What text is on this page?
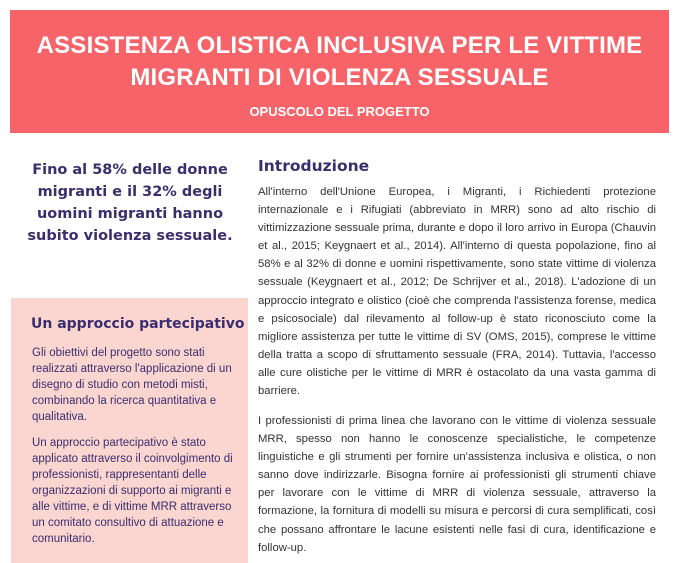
ASSISTENZA OLISTICA INCLUSIVA PER LE VITTIME MIGRANTI DI VIOLENZA SESSUALE
OPUSCOLO DEL PROGETTO
Fino al 58% delle donne migranti e il 32% degli uomini migranti hanno subito violenza sessuale.
Un approccio partecipativo
Gli obiettivi del progetto sono stati realizzati attraverso l'applicazione di un disegno di studio con metodi misti, combinando la ricerca quantitativa e qualitativa.
Un approccio partecipativo è stato applicato attraverso il coinvolgimento di professionisti, rappresentanti delle organizzazioni di supporto ai migranti e alle vittime, e di vittime MRR attraverso un comitato consultivo di attuazione e comunitario.
Introduzione
All'interno dell'Unione Europea, i Migranti, i Richiedenti protezione internazionale e i Rifugiati (abbreviato in MRR) sono ad alto rischio di vittimizzazione sessuale prima, durante e dopo il loro arrivo in Europa (Chauvin et al., 2015; Keygnaert et al., 2014). All'interno di questa popolazione, fino al 58% e al 32% di donne e uomini rispettivamente, sono state vittime di violenza sessuale (Keygnaert et al., 2012; De Schrijver et al., 2018). L'adozione di un approccio integrato e olistico (cioè che comprenda l'assistenza forense, medica e psicosociale) dal rilevamento al follow-up è stato riconosciuto come la migliore assistenza per tutte le vittime di SV (OMS, 2015), comprese le vittime della tratta a scopo di sfruttamento sessuale (FRA, 2014). Tuttavia, l'accesso alle cure olistiche per le vittime di MRR è ostacolato da una vasta gamma di barriere.
I professionisti di prima linea che lavorano con le vittime di violenza sessuale MRR, spesso non hanno le conoscenze specialistiche, le competenze linguistiche e gli strumenti per fornire un'assistenza inclusiva e olistica, o non sanno dove indirizzarle. Bisogna fornire ai professionisti gli strumenti chiave per lavorare con le vittime di MRR di violenza sessuale, attraverso la formazione, la fornitura di modelli su misura e percorsi di cura semplificati, così che possano affrontare le lacune esistenti nelle fasi di cura, identificazione e follow-up.
